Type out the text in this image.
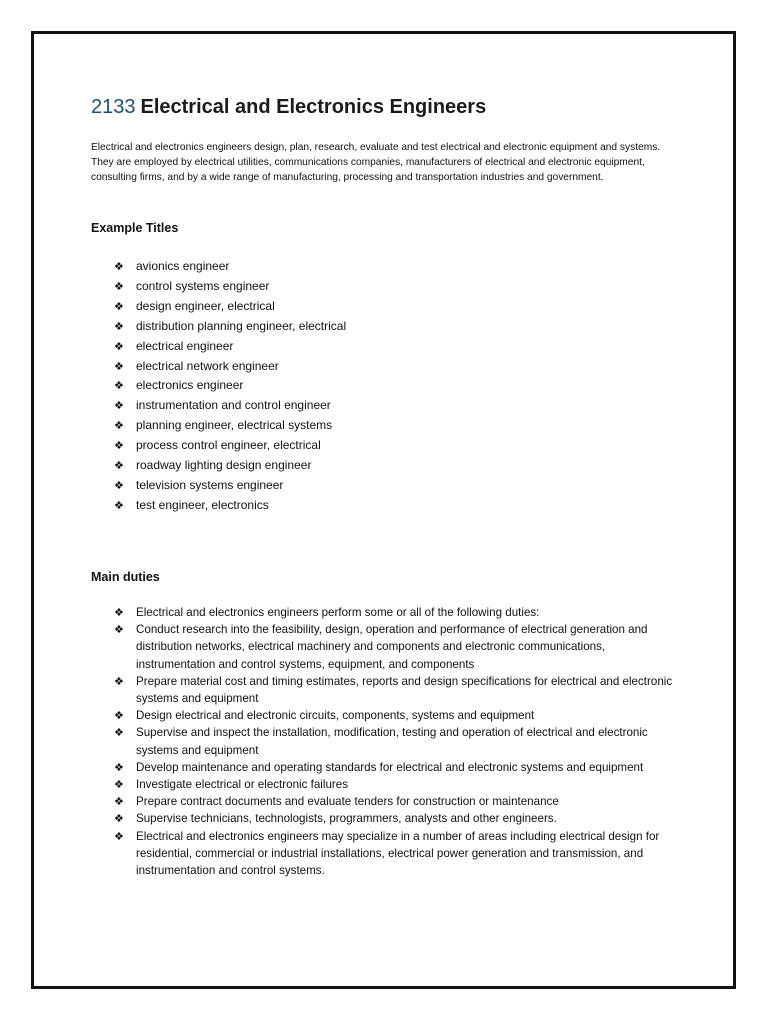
2133 Electrical and Electronics Engineers

Electrical and electronics engineers design, plan, research, evaluate and test electrical and electronic equipment and systems. They are employed by electrical utilities, communications companies, manufacturers of electrical and electronic equipment, consulting firms, and by a wide range of manufacturing, processing and transportation industries and government.

Example Titles
❖ avionics engineer
❖ control systems engineer
❖ design engineer, electrical
❖ distribution planning engineer, electrical
❖ electrical engineer
❖ electrical network engineer
❖ electronics engineer
❖ instrumentation and control engineer
❖ planning engineer, electrical systems
❖ process control engineer, electrical
❖ roadway lighting design engineer
❖ television systems engineer
❖ test engineer, electronics
Main duties
❖ Electrical and electronics engineers perform some or all of the following duties:
❖ Conduct research into the feasibility, design, operation and performance of electrical generation and distribution networks, electrical machinery and components and electronic communications, instrumentation and control systems, equipment, and components
❖ Prepare material cost and timing estimates, reports and design specifications for electrical and electronic systems and equipment
❖ Design electrical and electronic circuits, components, systems and equipment
❖ Supervise and inspect the installation, modification, testing and operation of electrical and electronic systems and equipment
❖ Develop maintenance and operating standards for electrical and electronic systems and equipment
❖ Investigate electrical or electronic failures
❖ Prepare contract documents and evaluate tenders for construction or maintenance
❖ Supervise technicians, technologists, programmers, analysts and other engineers.
❖ Electrical and electronics engineers may specialize in a number of areas including electrical design for residential, commercial or industrial installations, electrical power generation and transmission, and instrumentation and control systems.
